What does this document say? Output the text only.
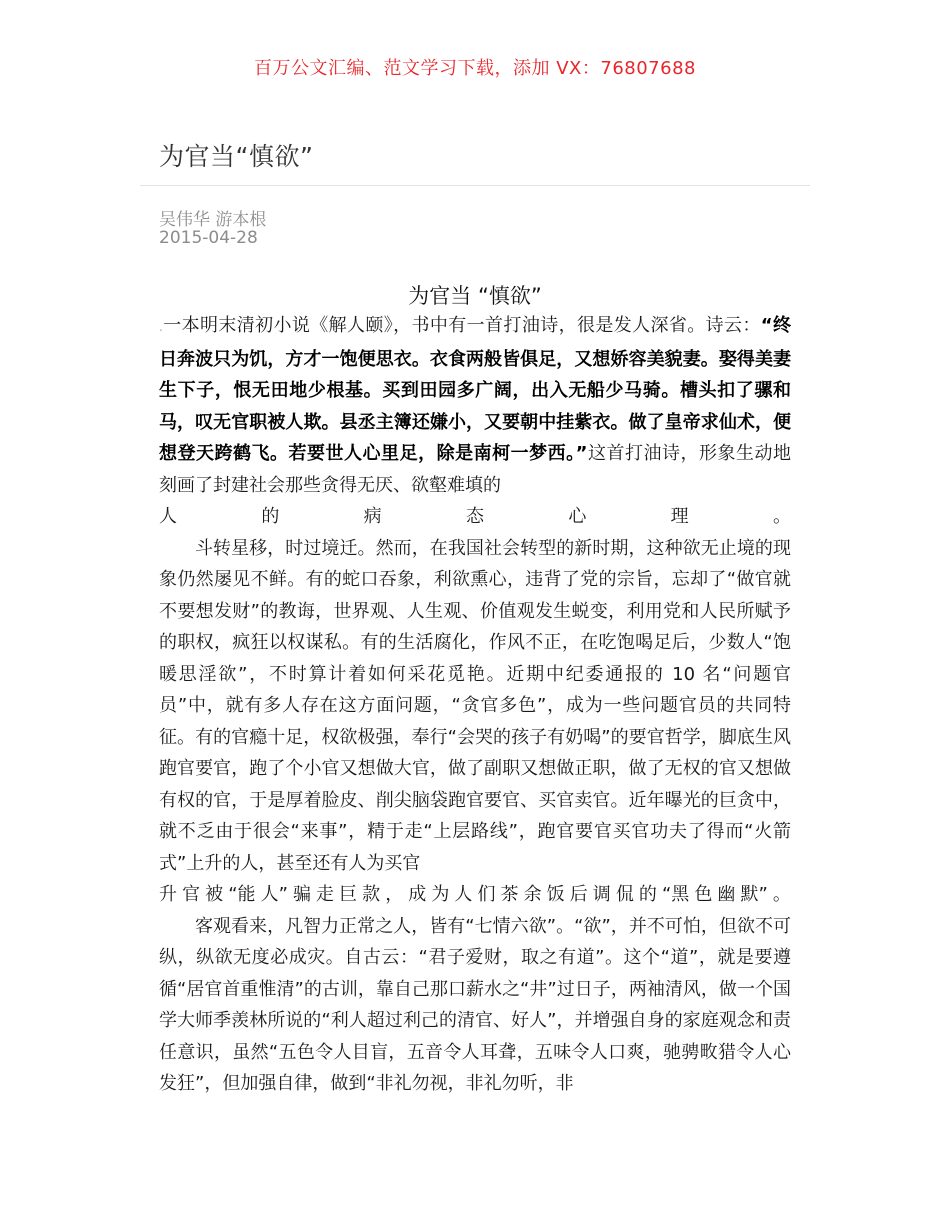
百万公文汇编、范文学习下载，添加 VX：76807688
为官当“慎欲”
吴伟华 游本根
2015-04-28
为官当 “慎欲”

.一本明末清初小说《解人颐》，书中有一首打油诗，很是发人深省。诗云：“终日奔波只为饥，方才一饱便思衣。衣食两般皆俱足，又想娇容美貌妻。娶得美妻生下子，恨无田地少根基。买到田园多广阔，出入无船少马骑。槽头扣了骡和马，叹无官职被人欺。县丞主簿还嫌小，又要朝中挂紫衣。做了皇帝求仙术，便想登天跨鹤飞。若要世人心里足，除是南柯一梦西。”这首打油诗，形象生动地刻画了封建社会那些贪得无厌、欲壑难填的

人	的	病	态	心	理	。

斗转星移，时过境迁。然而，在我国社会转型的新时期，这种欲无止境的现象仍然屡见不鲜。有的蛇口吞象，利欲熏心，违背了党的宗旨，忘却了“做官就不要想发财”的教诲，世界观、人生观、价值观发生蜕变，利用党和人民所赋予的职权，疯狂以权谋私。有的生活腐化，作风不正，在吃饱喝足后，少数人“饱暖思淫欲”，不时算计着如何采花觅艳。近期中纪委通报的 10 名“问题官员”中，就有多人存在这方面问题，“贪官多色”，成为一些问题官员的共同特征。有的官瘾十足，权欲极强，奉行“会哭的孩子有奶喝”的要官哲学，脚底生风跑官要官，跑了个小官又想做大官，做了副职又想做正职，做了无权的官又想做有权的官，于是厚着脸皮、削尖脑袋跑官要官、买官卖官。近年曝光的巨贪中，就不乏由于很会“来事”，精于走“上层路线”，跑官要官买官功夫了得而“火箭式”上升的人，甚至还有人为买官

升 官 被 “能 人” 骗 走 巨 款 ， 成 为 人 们 茶 余 饭 后 调 侃 的 “黑 色 幽 默” 。

客观看来，凡智力正常之人，皆有“七情六欲”。“欲”，并不可怕，但欲不可纵，纵欲无度必成灾。自古云：“君子爱财，取之有道”。这个“道”，就是要遵循“居官首重惟清”的古训，靠自己那口薪水之“井”过日子，两袖清风，做一个国学大师季羡林所说的“利人超过利己的清官、好人”，并增强自身的家庭观念和责任意识，虽然“五色令人目盲，五音令人耳聋，五味令人口爽，驰骋畋猎令人心发狂”，但加强自律，做到“非礼勿视，非礼勿听，非
